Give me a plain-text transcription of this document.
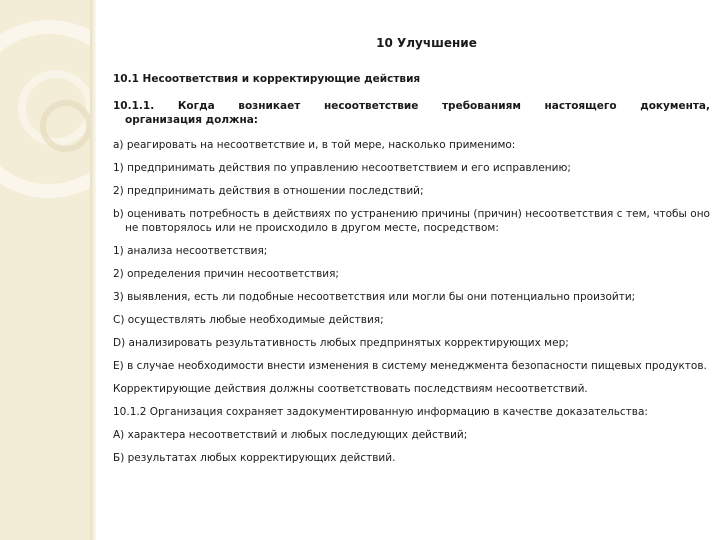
10 Улучшение
10.1 Несоответствия и корректирующие действия
10.1.1. Когда возникает несоответствие требованиям настоящего документа,
организация должна:
а) реагировать на несоответствие и, в той мере, насколько применимо:
1) предпринимать действия по управлению несоответствием и его исправлению;
2) предпринимать действия в отношении последствий;
b) оценивать потребность в действиях по устранению причины (причин) несоответствия с тем, чтобы оно не повторялось или не происходило в другом месте, посредством:
1) анализа несоответствия;
2) определения причин несоответствия;
3) выявления, есть ли подобные несоответствия или могли бы они потенциально произойти;
С) осуществлять любые необходимые действия;
D) анализировать результативность любых предпринятых корректирующих мер;
Е) в случае необходимости внести изменения в систему менеджмента безопасности пищевых продуктов.
Корректирующие действия должны соответствовать последствиям несоответствий.
10.1.2 Организация сохраняет задокументированную информацию в качестве доказательства:
А) характера несоответствий и любых последующих действий;
Б) результатах любых корректирующих действий.
